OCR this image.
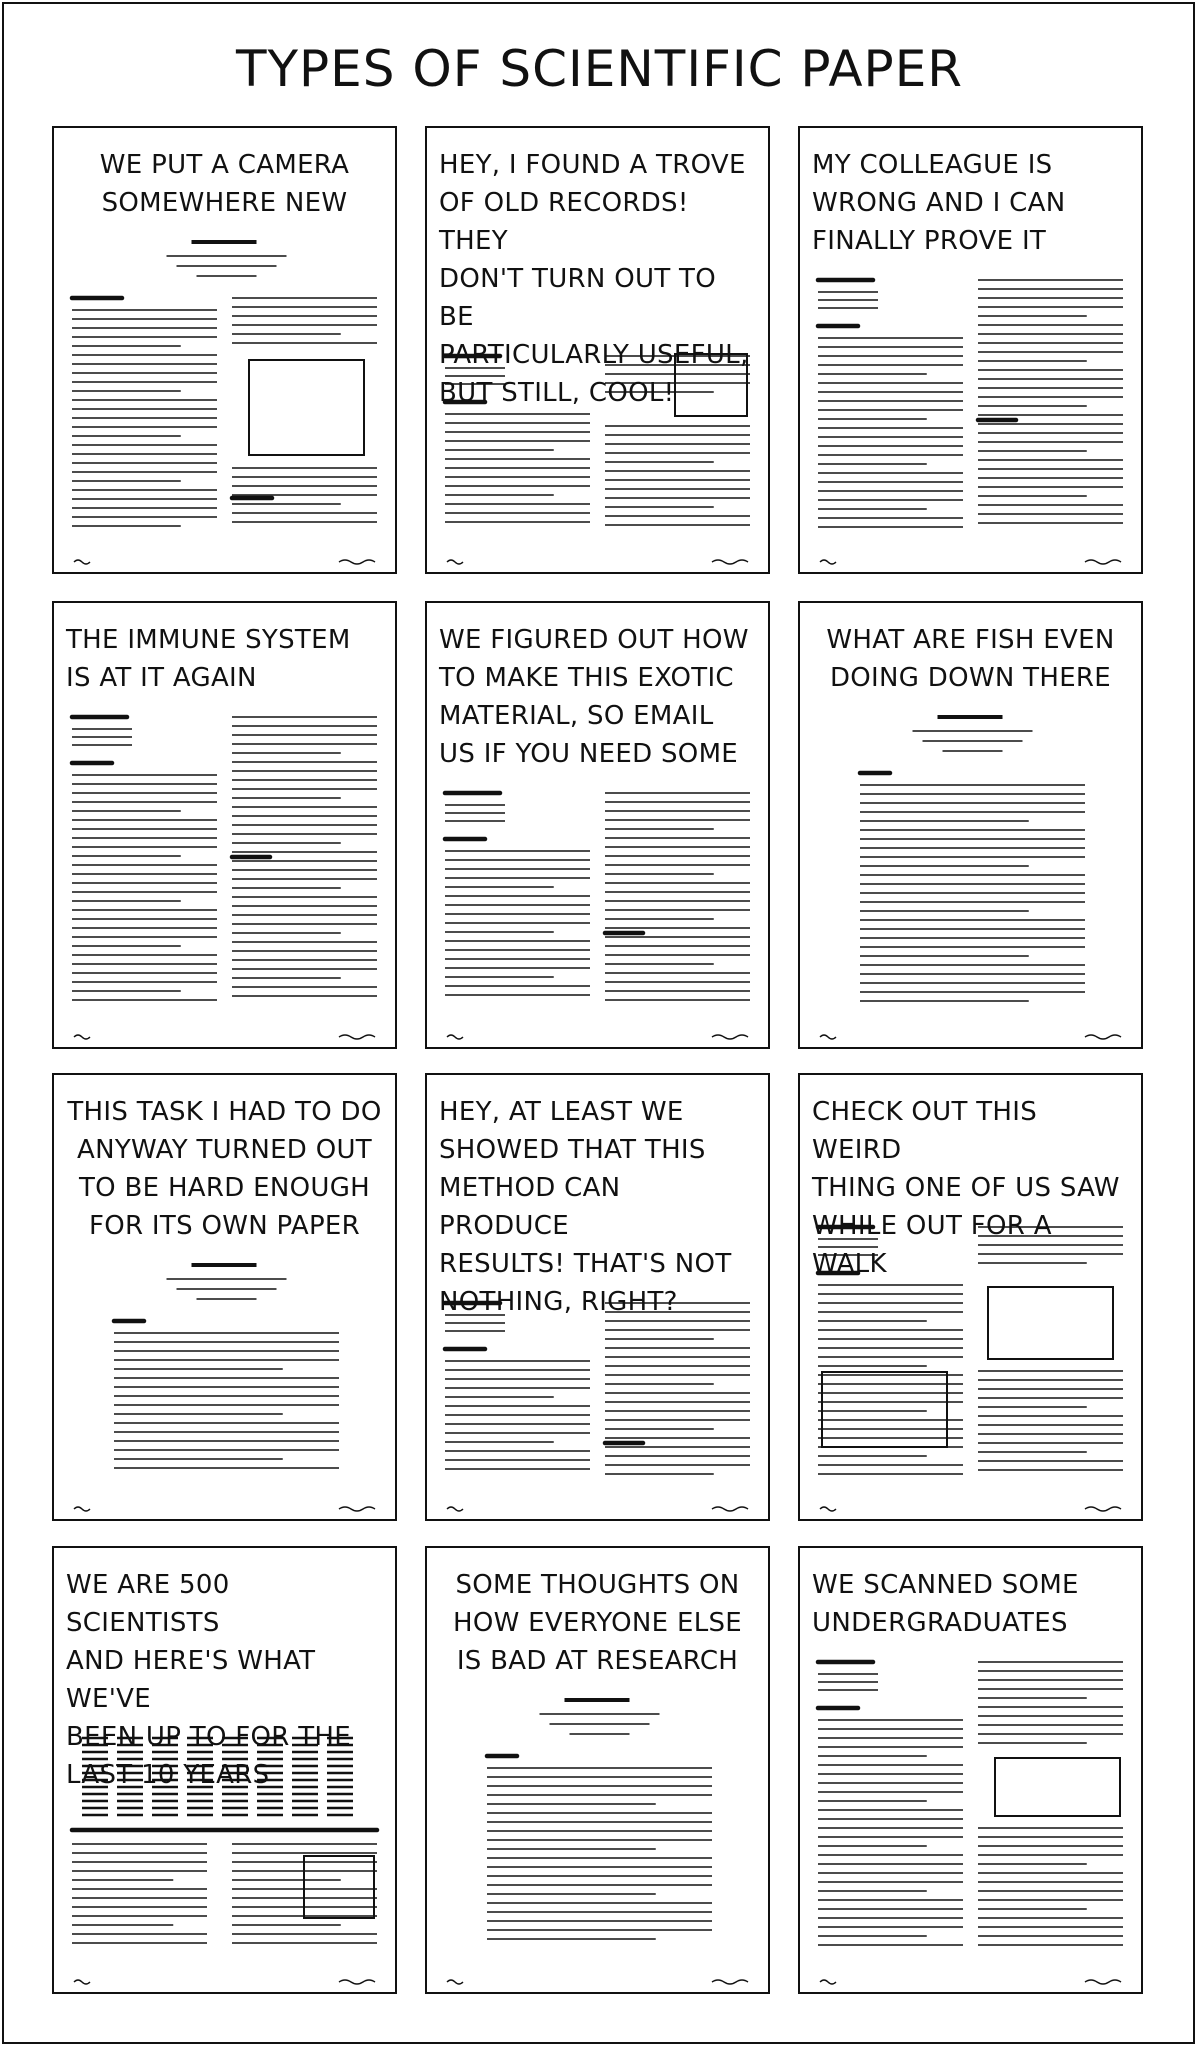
TYPES OF SCIENTIFIC PAPER
WE PUT A CAMERA
SOMEWHERE NEW
HEY, I FOUND A TROVE
OF OLD RECORDS! THEY
DON'T TURN OUT TO BE
PARTICULARLY USEFUL,
BUT STILL, COOL!
MY COLLEAGUE IS
WRONG AND I CAN
FINALLY PROVE IT
THE IMMUNE SYSTEM
IS AT IT AGAIN
WE FIGURED OUT HOW
TO MAKE THIS EXOTIC
MATERIAL, SO EMAIL
US IF YOU NEED SOME
WHAT ARE FISH EVEN
DOING DOWN THERE
THIS TASK I HAD TO DO
ANYWAY TURNED OUT
TO BE HARD ENOUGH
FOR ITS OWN PAPER
HEY, AT LEAST WE
SHOWED THAT THIS
METHOD CAN PRODUCE
RESULTS! THAT'S NOT
NOTHING, RIGHT?
CHECK OUT THIS WEIRD
THING ONE OF US SAW
WHILE OUT FOR A WALK
WE ARE 500 SCIENTISTS
AND HERE'S WHAT WE'VE
BEEN UP TO FOR THE
LAST 10 YEARS
SOME THOUGHTS ON
HOW EVERYONE ELSE
IS BAD AT RESEARCH
WE SCANNED SOME
UNDERGRADUATES
